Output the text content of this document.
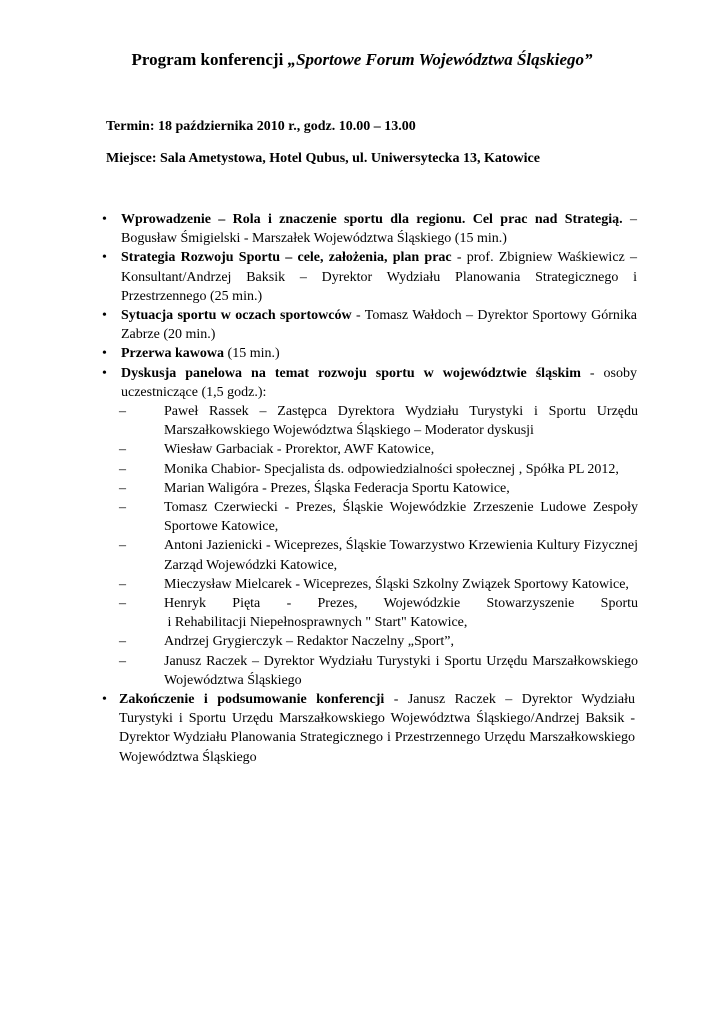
Program konferencji „Sportowe Forum Województwa Śląskiego”
Termin: 18 października 2010 r., godz. 10.00 – 13.00
Miejsce: Sala Ametystowa, Hotel Qubus, ul. Uniwersytecka 13, Katowice
• Wprowadzenie – Rola i znaczenie sportu dla regionu. Cel prac nad Strategią. – Bogusław Śmigielski - Marszałek Województwa Śląskiego (15 min.)
• Strategia Rozwoju Sportu – cele, założenia, plan prac - prof. Zbigniew Waśkiewicz – Konsultant/Andrzej Baksik – Dyrektor Wydziału Planowania Strategicznego i Przestrzennego (25 min.)
• Sytuacja sportu w oczach sportowców - Tomasz Wałdoch – Dyrektor Sportowy Górnika Zabrze (20 min.)
• Przerwa kawowa (15 min.)
• Dyskusja panelowa na temat rozwoju sportu w województwie śląskim - osoby uczestniczące (1,5 godz.):
–	Paweł Rassek – Zastępca Dyrektora Wydziału Turystyki i Sportu Urzędu Marszałkowskiego Województwa Śląskiego – Moderator dyskusji
–	Wiesław Garbaciak - Prorektor, AWF Katowice,
–	Monika Chabior- Specjalista ds. odpowiedzialności społecznej , Spółka PL 2012,
–	Marian Waligóra - Prezes, Śląska Federacja Sportu Katowice,
–	Tomasz Czerwiecki - Prezes, Śląskie Wojewódzkie Zrzeszenie Ludowe Zespoły Sportowe Katowice,
–	Antoni Jazienicki - Wiceprezes, Śląskie Towarzystwo Krzewienia Kultury Fizycznej Zarząd Wojewódzki Katowice,
–	Mieczysław Mielcarek - Wiceprezes, Śląski Szkolny Związek Sportowy Katowice,
–	Henryk Pięta - Prezes, Wojewódzkie Stowarzyszenie Sportu
i Rehabilitacji Niepełnosprawnych " Start" Katowice,
–	Andrzej Grygierczyk – Redaktor Naczelny „Sport”,
–	Janusz Raczek – Dyrektor Wydziału Turystyki i Sportu Urzędu Marszałkowskiego Województwa Śląskiego
• Zakończenie i podsumowanie konferencji - Janusz Raczek – Dyrektor Wydziału Turystyki i Sportu Urzędu Marszałkowskiego Województwa Śląskiego/Andrzej Baksik - Dyrektor Wydziału Planowania Strategicznego i Przestrzennego Urzędu Marszałkowskiego Województwa Śląskiego
